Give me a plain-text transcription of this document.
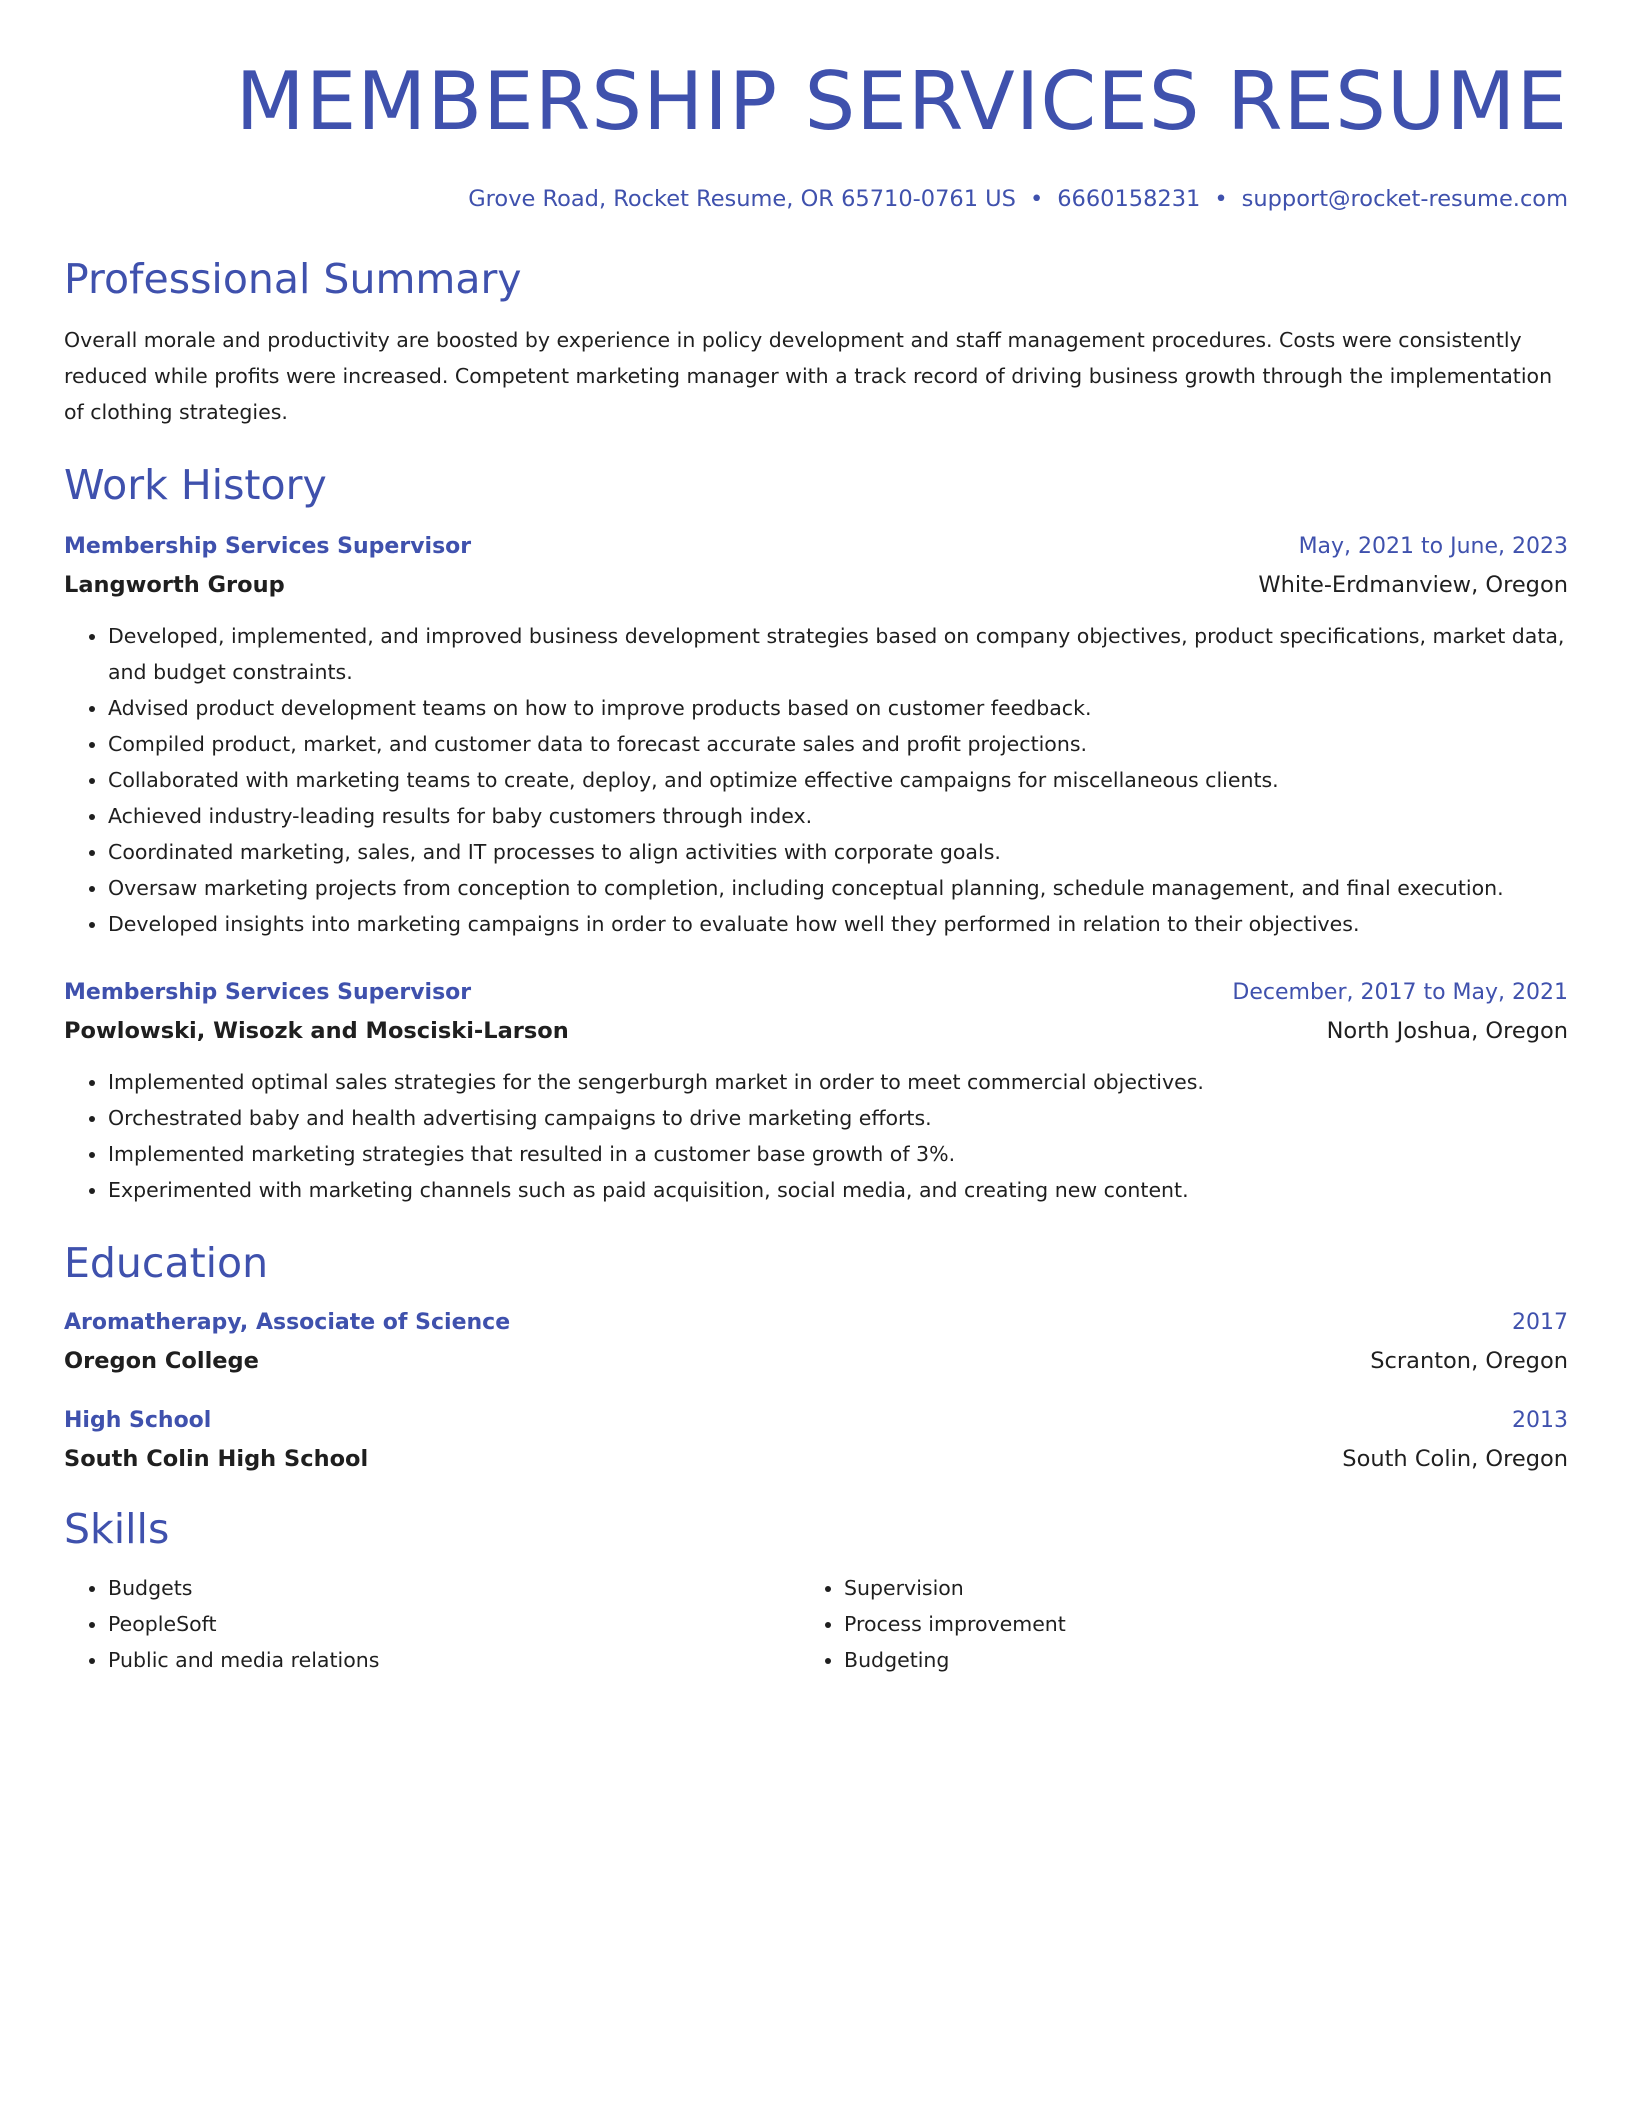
MEMBERSHIP SERVICES RESUME
Grove Road, Rocket Resume, OR 65710-0761 US • 6660158231 • support@rocket-resume.com
Professional Summary
Overall morale and productivity are boosted by experience in policy development and staff management procedures. Costs were consistently reduced while profits were increased. Competent marketing manager with a track record of driving business growth through the implementation of clothing strategies.
Work History
Membership Services Supervisor	May, 2021 to June, 2023
Langworth Group	White-Erdmanview, Oregon
• Developed, implemented, and improved business development strategies based on company objectives, product specifications, market data, and budget constraints.
• Advised product development teams on how to improve products based on customer feedback.
• Compiled product, market, and customer data to forecast accurate sales and profit projections.
• Collaborated with marketing teams to create, deploy, and optimize effective campaigns for miscellaneous clients.
• Achieved industry-leading results for baby customers through index.
• Coordinated marketing, sales, and IT processes to align activities with corporate goals.
• Oversaw marketing projects from conception to completion, including conceptual planning, schedule management, and final execution.
• Developed insights into marketing campaigns in order to evaluate how well they performed in relation to their objectives.
Membership Services Supervisor	December, 2017 to May, 2021
Powlowski, Wisozk and Mosciski-Larson	North Joshua, Oregon
• Implemented optimal sales strategies for the sengerburgh market in order to meet commercial objectives.
• Orchestrated baby and health advertising campaigns to drive marketing efforts.
• Implemented marketing strategies that resulted in a customer base growth of 3%.
• Experimented with marketing channels such as paid acquisition, social media, and creating new content.
Education
Aromatherapy, Associate of Science	2017
Oregon College	Scranton, Oregon
High School	2013
South Colin High School	South Colin, Oregon
Skills
• Budgets
• PeopleSoft
• Public and media relations
• Supervision
• Process improvement
• Budgeting
